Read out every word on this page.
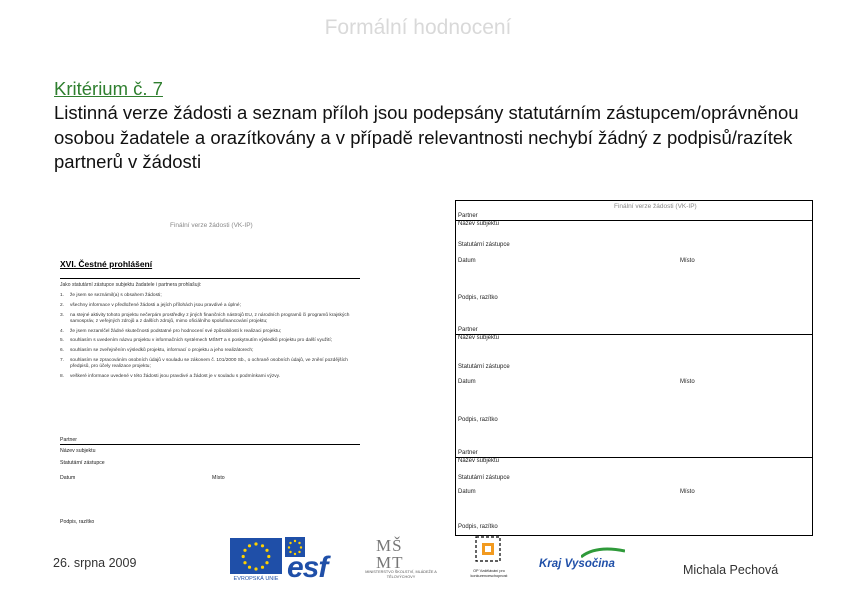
Formální hodnocení
Kritérium č. 7
Listinná verze žádosti a seznam příloh jsou podepsány statutárním zástupcem/oprávněnou osobou žadatele a orazítkovány a v případě relevantnosti nechybí žádný z podpisů/razítek partnerů v žádosti
Finální verze žádosti (VK-IP)
XVI. Čestné prohlášení
Jako statutární zástupce subjektu žadatele i partnera prohlašuji:
1.	že jsem se seznámil(a) s obsahem žádosti;
2.	všechny informace v předložené žádosti a jejích přílohách jsou pravdivé a úplné;
3.	na stejné aktivity tohoto projektu nečerpám prostředky z jiných finančních nástrojů EU, z národních programů či programů krajských samospráv, z veřejných zdrojů a z dalších zdrojů, mimo oficiálního spolufinancování projektu;
4.	že jsem nezamlčel žádné skutečnosti podstatné pro hodnocení své způsobilosti k realizaci projektu;
5.	souhlasím s uvedením názvu projektu v informačních systémech MŠMT a s poskytnutím výsledků projektu pro další využití;
6.	souhlasím se zveřejněním výsledků projektu, informací o projektu a jeho realizátorech;
7.	souhlasím se zpracováním osobních údajů v souladu se zákonem č. 101/2000 Sb., o ochraně osobních údajů, ve znění pozdějších předpisů, pro účely realizace projektu;
8.	veškeré informace uvedené v této žádosti jsou pravdivé a žádost je v souladu s podmínkami výzvy.
Partner
Název subjektu
Statutární zástupce
Datum	Místo
Podpis, razítko
Finální verze žádosti (VK-IP)
Partner
Název subjektu
Statutární zástupce
Datum	Místo
Podpis, razítko
Partner
Název subjektu
Statutární zástupce
Datum	Místo
Podpis, razítko
Partner
Název subjektu
Statutární zástupce
Datum	Místo
Podpis, razítko
26. srpna 2009
EVROPSKÁ UNIE esf
MŠ MT
MINISTERSTVO ŠKOLSTVÍ, MLÁDEŽE A TĚLOVÝCHOVY
OP Vzdělávání pro konkurenceschopnost
Kraj Vysočina	Michala Pechová
